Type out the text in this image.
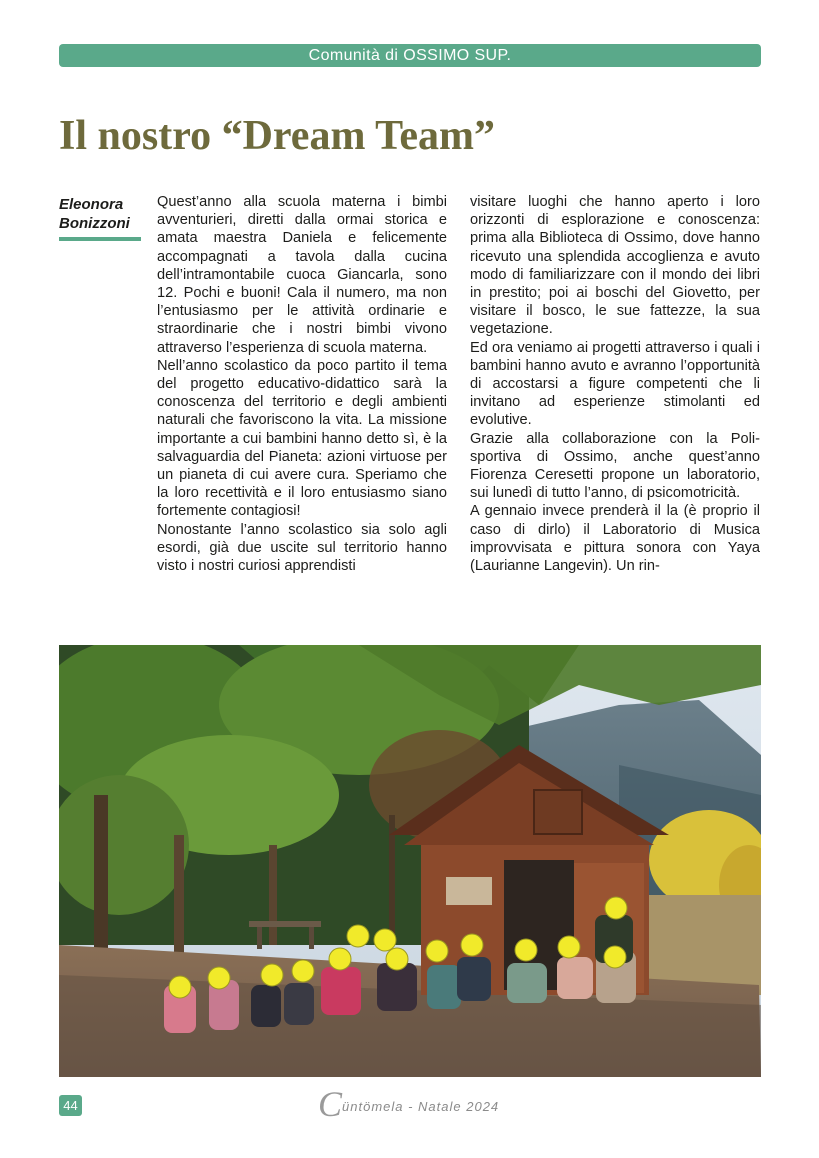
Comunità di OSSIMO SUP.
Il nostro “Dream Team”
Eleonora
Bonizzoni

Quest’anno alla scuola materna i bimbi avventurieri, diretti dalla ormai storica e amata maestra Daniela e felicemente accompagnati a tavola dalla cucina dell’intramontabile cuoca Giancarla, sono 12. Pochi e buoni! Cala il numero, ma non l’entusiasmo per le attività ordinarie e straordinarie che i nostri bimbi vivono attraverso l’esperienza di scuola materna.

Nell’anno scolastico da poco partito il tema del progetto educativo-didattico sarà la conoscenza del territorio e degli ambienti naturali che favoriscono la vita. La missione importante a cui bambini hanno detto sì, è la salvaguardia del Pianeta: azioni virtuose per un pianeta di cui avere cura. Speriamo che la loro recettività e il loro entusiasmo siano fortemente contagiosi!

Nonostante l’anno scolastico sia solo agli esordi, già due uscite sul territorio hanno visto i nostri curiosi apprendisti

visitare luoghi che hanno aperto i loro orizzonti di esplorazione e conoscenza: prima alla Biblioteca di Ossimo, dove hanno ricevuto una splendida accoglienza e avuto modo di familiarizzare con il mondo dei libri in prestito; poi ai boschi del Giovetto, per visitare il bosco, le sue fattezze, la sua vegetazione.

Ed ora veniamo ai progetti attraverso i quali i bambini hanno avuto e avranno l’opportunità di accostarsi a figure competenti che li invitano ad esperienze stimolanti ed evolutive.

Grazie alla collaborazione con la Polisportiva di Ossimo, anche quest’anno Fiorenza Ceresetti propone un laboratorio, sui lunedì di tutto l’anno, di psicomotricità.

A gennaio invece prenderà il la (è proprio il caso di dirlo) il Laboratorio di Musica improvvisata e pittura sonora con Yaya (Laurianne Langevin). Un rin-

44	$C_{üntömela - Natale 2024}$
